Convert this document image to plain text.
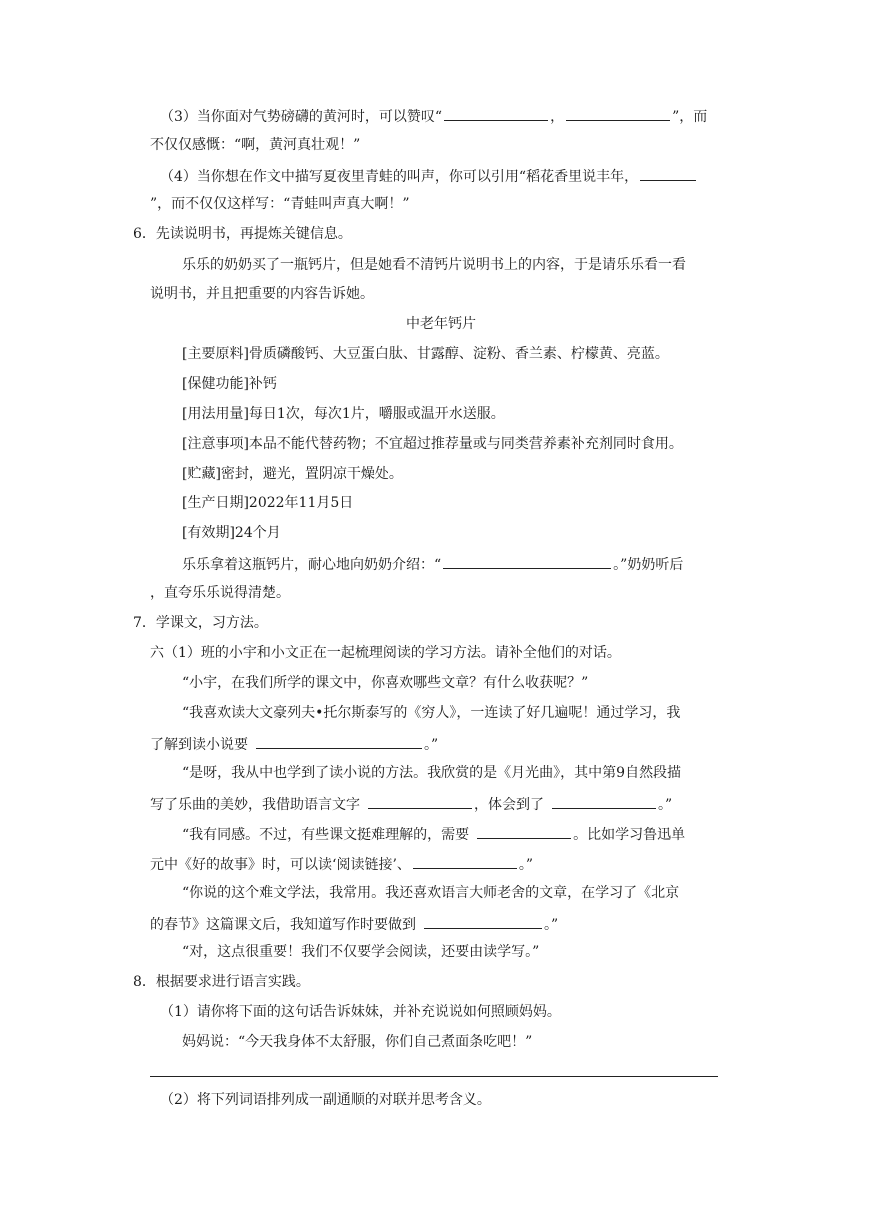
（3）当你面对气势磅礴的黄河时，可以赞叹“	，	”，而
不仅仅感慨：“啊，黄河真壮观！”
（4）当你想在作文中描写夏夜里青蛙的叫声，你可以引用“稻花香里说丰年，
”，而不仅仅这样写：“青蛙叫声真大啊！”
6．先读说明书，再提炼关键信息。
乐乐的奶奶买了一瓶钙片，但是她看不清钙片说明书上的内容，于是请乐乐看一看
说明书，并且把重要的内容告诉她。
中老年钙片
[主要原料]骨质磷酸钙、大豆蛋白肽、甘露醇、淀粉、香兰素、柠檬黄、亮蓝。
[保健功能]补钙
[用法用量]每日1次，每次1片，嚼服或温开水送服。
[注意事项]本品不能代替药物；不宜超过推荐量或与同类营养素补充剂同时食用。
[贮藏]密封，避光，置阴凉干燥处。
[生产日期]2022年11月5日
[有效期]24个月
乐乐拿着这瓶钙片，耐心地向奶奶介绍：“	。”奶奶听后
，直夸乐乐说得清楚。
7．学课文，习方法。
六（1）班的小宇和小文正在一起梳理阅读的学习方法。请补全他们的对话。
“小宇，在我们所学的课文中，你喜欢哪些文章？有什么收获呢？”
“我喜欢读大文豪列夫•托尔斯泰写的《穷人》，一连读了好几遍呢！通过学习，我
了解到读小说要	。”
“是呀，我从中也学到了读小说的方法。我欣赏的是《月光曲》，其中第9自然段描
写了乐曲的美妙，我借助语言文字	，体会到了	。”
“我有同感。不过，有些课文挺难理解的，需要	。比如学习鲁迅单
元中《好的故事》时，可以读‘阅读链接’、	。”
“你说的这个难文学法，我常用。我还喜欢语言大师老舍的文章，在学习了《北京
的春节》这篇课文后，我知道写作时要做到	。”
“对，这点很重要！我们不仅要学会阅读，还要由读学写。”
8．根据要求进行语言实践。
（1）请你将下面的这句话告诉妹妹，并补充说说如何照顾妈妈。
妈妈说：“今天我身体不太舒服，你们自己煮面条吃吧！”
（2）将下列词语排列成一副通顺的对联并思考含义。
